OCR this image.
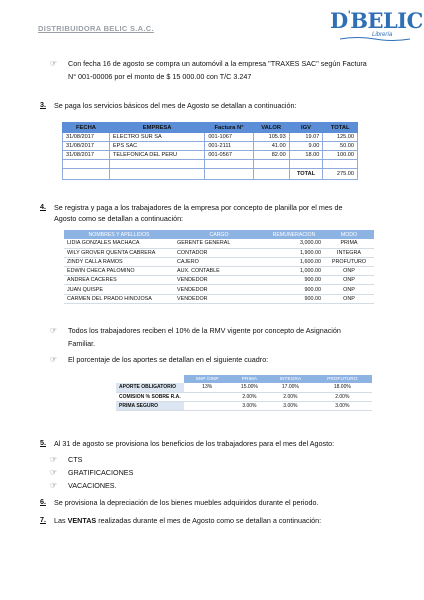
DISTRIBUIDORA BELIC S.A.C.	D'BELIC
Librería
☞	Con fecha 16 de agosto se compra un automóvil a la empresa "TRAXES SAC" según Factura
N° 001-00006 por el monto de $ 15 000.00 con T/C 3.247
3. Se paga los servicios básicos del mes de Agosto se detallan a continuación:
FECHA	EMPRESA	Factura N°	VALOR	IGV	TOTAL
31/08/2017	ELECTRO SUR SA	001-1067	105.93	19.07	125.00
31/08/2017	EPS SAC	001-2111	41.00	9.00	50.00
31/08/2017	TELEFONICA DEL PERU	001-0567	82.00	18.00	100.00

				TOTAL	275.00
4. Se registra y paga a los trabajadores de la empresa por concepto de planilla por el mes de
Agosto como se detallan a continuación:
NOMBRES Y APELLIDOS	CARGO	REMUNERACION	MODO
LIDIA GONZALES MACHACA	GERENTE GENERAL	3,000.00	PRIMA
WILY GROVER QUENTA CABRERA	CONTADOR	1,900.00	INTEGRA
ZINDY CALLA RAMOS	CAJERO	1,600.00	PROFUTURO
EDWIN CHECA PALOMINO	AUX. CONTABLE	1,000.00	ONP
ANDREA CACERES	VENDEDOR	900.00	ONP
JUAN QUISPE	VENDEDOR	900.00	ONP
CARMEN DEL PRADO HINOJOSA	VENDEDOR	900.00	ONP
☞	Todos los trabajadores reciben el 10% de la RMV vigente por concepto de Asignación
Familiar.
☞	El porcentaje de los aportes se detallan en el siguiente cuadro:
	SNP /ONP	PRIMA	INTEGRA	PROFUTURO
APORTE OBLIGATORIO	13%	15.00%	17.00%	18.00%
COMISION % SOBRE R.A.		2.00%	2.00%	2.00%
PRIMA SEGURO		3.00%	3.00%	3.00%
5. Al 31 de agosto se provisiona los beneficios de los trabajadores para el mes del Agosto:
☞	CTS
☞	GRATIFICACIONES
☞	VACACIONES.
6. Se provisiona la depreciación de los bienes muebles adquiridos durante el periodo.
7. Las VENTAS realizadas durante el mes de Agosto como se detallan a continuación:
